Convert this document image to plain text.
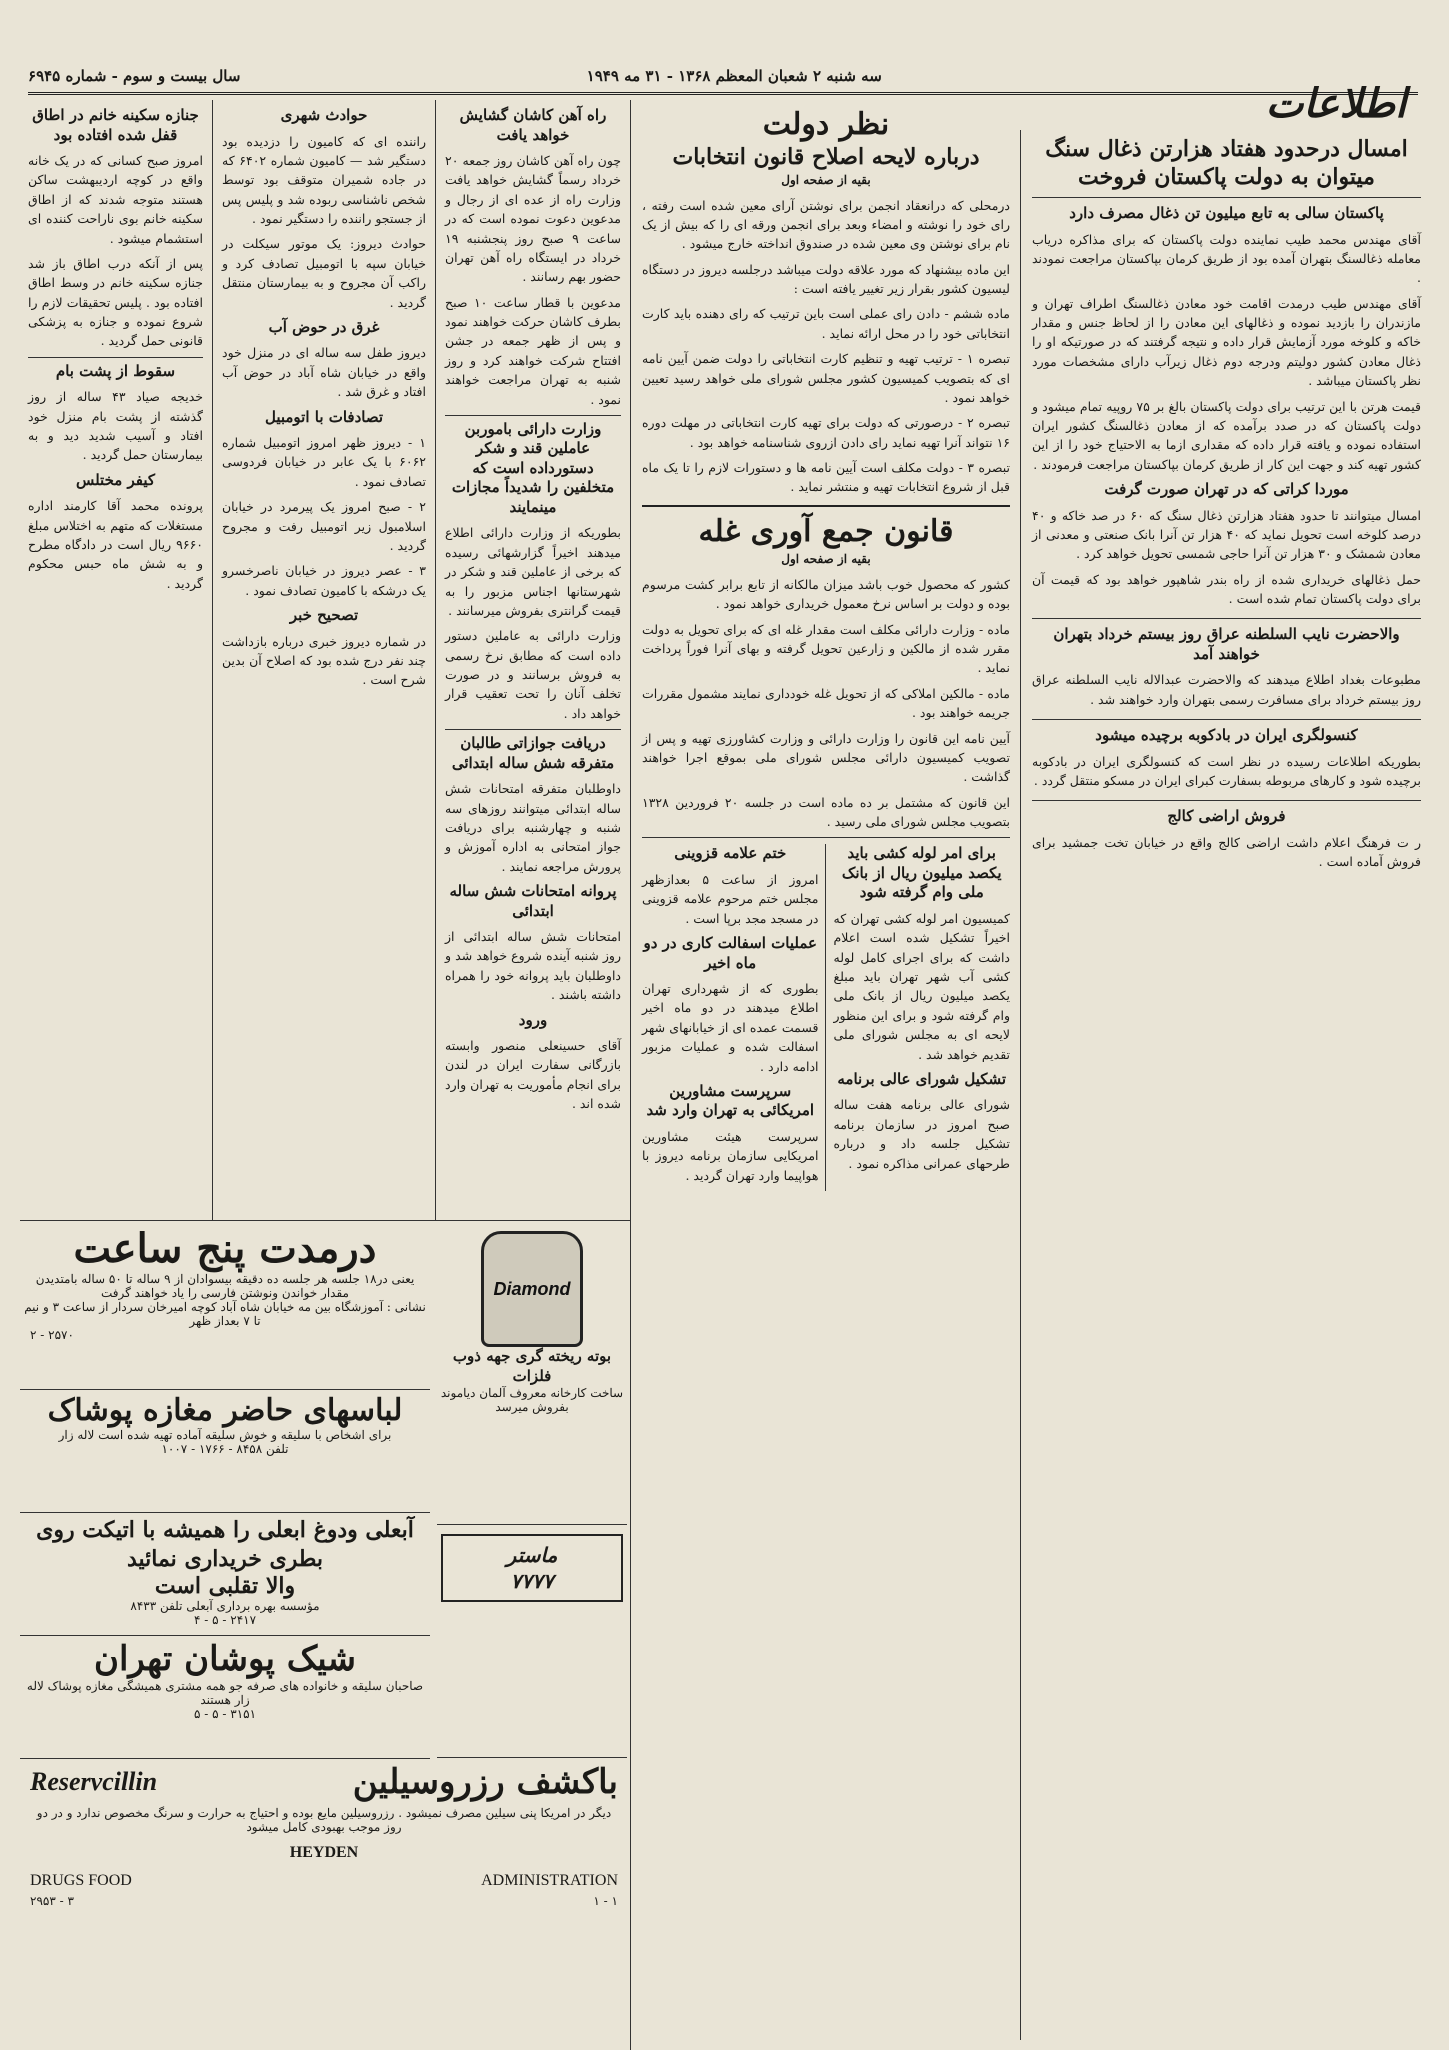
سه شنبه ۲ شعبان المعظم ۱۳۶۸ - ۳۱ مه ۱۹۴۹
سال بیست و سوم - شماره ۶۹۴۵
اطلاعات
امسال درحدود هفتاد هزارتن ذغال سنگ میتوان به دولت پاکستان فروخت
پاکستان سالی به تابع میلیون تن ذغال مصرف دارد

آقای مهندس محمد طیب نماینده دولت پاکستان که برای مذاکره دریاب معامله ذغالسنگ بتهران آمده بود از طریق کرمان بپاکستان مراجعت نمودند .

آقای مهندس طیب درمدت اقامت خود معادن ذغالسنگ اطراف تهران و مازندران را بازدید نموده و ذغالهای این معادن را از لحاظ جنس و مقدار خاکه و کلوخه مورد آزمایش قرار داده و نتیجه گرفتند که در صورتیکه او را ذغال معادن کشور دولیتم ودرجه دوم ذغال زیرآب دارای مشخصات مورد نظر پاکستان میباشد .

قیمت هرتن با این ترتیب برای دولت پاکستان بالغ بر ۷۵ روپیه تمام میشود و دولت پاکستان که در صدد برآمده که از معادن ذغالسنگ کشور ایران استفاده نموده و یافته قرار داده که مقداری ازما به الاحتیاج خود را از این کشور تهیه کند و جهت این کار از طریق کرمان بپاکستان مراجعت فرمودند .

موردا کراتی که در تهران صورت گرفت

امسال میتوانند تا حدود هفتاد هزارتن ذغال سنگ که ۶۰ در صد خاکه و ۴۰ درصد کلوخه است تحویل نماید که ۴۰ هزار تن آنرا بانک صنعتی و معدنی از معادن شمشک و ۳۰ هزار تن آنرا حاجی شمسی تحویل خواهد کرد .

حمل ذغالهای خریداری شده از راه بندر شاهپور خواهد بود که قیمت آن برای دولت پاکستان تمام شده است .

والاحضرت نایب السلطنه عراق روز بیستم خرداد بتهران خواهند آمد

مطبوعات بغداد اطلاع میدهند که والاحضرت عبدالاله نایب السلطنه عراق روز بیستم خرداد برای مسافرت رسمی بتهران وارد خواهند شد .

کنسولگری ایران در بادکوبه برچیده میشود

بطوریکه اطلاعات رسیده در نظر است که کنسولگری ایران در بادکوبه برچیده شود و کارهای مربوطه بسفارت کبرای ایران در مسکو منتقل گردد .

فروش اراضی کالج

ر ت فرهنگ اعلام داشت اراضی کالج واقع در خیابان تخت جمشید برای فروش آماده است .

نظر دولت
درباره لایحه اصلاح قانون انتخابات
بقیه از صفحه اول

درمحلی که درانعقاد انجمن برای نوشتن آرای معین شده است رفته ، رای خود را نوشته و امضاء وبعد برای انجمن ورقه ای را که بیش از یک نام برای نوشتن وی معین شده در صندوق انداخته خارج میشود .

این ماده بیشنهاد که مورد علاقه دولت میباشد درجلسه دیروز در دستگاه لیسیون کشور بقرار زیر تغییر یافته است :

ماده ششم - دادن رای عملی است باین ترتیب که رای دهنده باید کارت انتخاباتی خود را در محل ارائه نماید .

تبصره ۱ - ترتیب تهیه و تنظیم کارت انتخاباتی را دولت ضمن آیین نامه ای که بتصویب کمیسیون کشور مجلس شورای ملی خواهد رسید تعیین خواهد نمود .

تبصره ۲ - درصورتی که دولت برای تهیه کارت انتخاباتی در مهلت دوره ۱۶ نتواند آنرا تهیه نماید رای دادن ازروی شناسنامه خواهد بود .

تبصره ۳ - دولت مکلف است آیین نامه ها و دستورات لازم را تا یک ماه قبل از شروع انتخابات تهیه و منتشر نماید .

قانون جمع آوری غله
بقیه از صفحه اول

کشور که محصول خوب باشد میزان مالکانه از تابع برابر کشت مرسوم بوده و دولت بر اساس نرخ معمول خریداری خواهد نمود .

ماده - وزارت دارائی مکلف است مقدار غله ای که برای تحویل به دولت مقرر شده از مالکین و زارعین تحویل گرفته و بهای آنرا فوراً پرداخت نماید .

ماده - مالکین املاکی که از تحویل غله خودداری نمایند مشمول مقررات جریمه خواهند بود .

آیین نامه این قانون را وزارت دارائی و وزارت کشاورزی تهیه و پس از تصویب کمیسیون دارائی مجلس شورای ملی بموقع اجرا خواهند گذاشت .

این قانون که مشتمل بر ده ماده است در جلسه ۲۰ فروردین ۱۳۲۸ بتصویب مجلس شورای ملی رسید .

برای امر لوله کشی باید یکصد میلیون ریال از بانک ملی وام گرفته شود

کمیسیون امر لوله کشی تهران که اخیراً تشکیل شده است اعلام داشت که برای اجرای کامل لوله کشی آب شهر تهران باید مبلغ یکصد میلیون ریال از بانک ملی وام گرفته شود و برای این منظور لایحه ای به مجلس شورای ملی تقدیم خواهد شد .

تشکیل شورای عالی برنامه

شورای عالی برنامه هفت ساله صبح امروز در سازمان برنامه تشکیل جلسه داد و درباره طرحهای عمرانی مذاکره نمود .

ختم علامه قزوینی

امروز از ساعت ۵ بعدازظهر مجلس ختم مرحوم علامه قزوینی در مسجد مجد برپا است .

عملیات اسفالت کاری در دو ماه اخیر

بطوری که از شهرداری تهران اطلاع میدهند در دو ماه اخیر قسمت عمده ای از خیابانهای شهر اسفالت شده و عملیات مزبور ادامه دارد .

سرپرست مشاورین امریکائی به تهران وارد شد

سرپرست هیئت مشاورین امریکایی سازمان برنامه دیروز با هواپیما وارد تهران گردید .

راه آهن کاشان گشایش خواهد یافت

چون راه آهن کاشان روز جمعه ۲۰ خرداد رسماً گشایش خواهد یافت وزارت راه از عده ای از رجال و مدعوین دعوت نموده است که در ساعت ۹ صبح روز پنجشنبه ۱۹ خرداد در ایستگاه راه آهن تهران حضور بهم رسانند .

مدعوین با قطار ساعت ۱۰ صبح بطرف کاشان حرکت خواهند نمود و پس از ظهر جمعه در جشن افتتاح شرکت خواهند کرد و روز شنبه به تهران مراجعت خواهند نمود .

وزارت دارائی باموربن عاملین قند و شکر دستورداده است که متخلفین را شدیداً مجازات مینمایند

بطوریکه از وزارت دارائی اطلاع میدهند اخیراً گزارشهائی رسیده که برخی از عاملین قند و شکر در شهرستانها اجناس مزبور را به قیمت گرانتری بفروش میرسانند .

وزارت دارائی به عاملین دستور داده است که مطابق نرخ رسمی به فروش برسانند و در صورت تخلف آنان را تحت تعقیب قرار خواهد داد .

دریافت جوازاتی طالبان متفرقه شش ساله ابتدائی

داوطلبان متفرقه امتحانات شش ساله ابتدائی میتوانند روزهای سه شنبه و چهارشنبه برای دریافت جواز امتحانی به اداره آموزش و پرورش مراجعه نمایند .

پروانه امتحانات شش ساله ابتدائی

امتحانات شش ساله ابتدائی از روز شنبه آینده شروع خواهد شد و داوطلبان باید پروانه خود را همراه داشته باشند .

ورود

آقای حسینعلی منصور وابسته بازرگانی سفارت ایران در لندن برای انجام مأموریت به تهران وارد شده اند .

حوادث شهری

راننده ای که کامیون را دزدیده بود دستگیر شد — کامیون شماره ۶۴۰۲ که در جاده شمیران متوقف بود توسط شخص ناشناسی ربوده شد و پلیس پس از جستجو راننده را دستگیر نمود .

حوادث دیروز: یک موتور سیکلت در خیابان سپه با اتومبیل تصادف کرد و راکب آن مجروح و به بیمارستان منتقل گردید .

غرق در حوض آب

دیروز طفل سه ساله ای در منزل خود واقع در خیابان شاه آباد در حوض آب افتاد و غرق شد .

تصادفات با اتومبیل

۱ - دیروز ظهر امروز اتومبیل شماره ۶۰۶۲ با یک عابر در خیابان فردوسی تصادف نمود .

۲ - صبح امروز یک پیرمرد در خیابان اسلامبول زیر اتومبیل رفت و مجروح گردید .

۳ - عصر دیروز در خیابان ناصرخسرو یک درشکه با کامیون تصادف نمود .

تصحیح خبر

در شماره دیروز خبری درباره بازداشت چند نفر درج شده بود که اصلاح آن بدین شرح است .

جنازه سکینه خانم در اطاق قفل شده افتاده بود

امروز صبح کسانی که در یک خانه واقع در کوچه اردیبهشت ساکن هستند متوجه شدند که از اطاق سکینه خانم بوی ناراحت کننده ای استشمام میشود .

پس از آنکه درب اطاق باز شد جنازه سکینه خانم در وسط اطاق افتاده بود . پلیس تحقیقات لازم را شروع نموده و جنازه به پزشکی قانونی حمل گردید .

سقوط از پشت بام

خدیجه صیاد ۴۳ ساله از روز گذشته از پشت بام منزل خود افتاد و آسیب شدید دید و به بیمارستان حمل گردید .

کیفر مختلس

پرونده محمد آقا کارمند اداره مستغلات که متهم به اختلاس مبلغ ۹۶۶۰ ریال است در دادگاه مطرح و به شش ماه حبس محکوم گردید .

درمدت پنج ساعت
یعنی در۱۸ جلسه هر جلسه ده دقیقه بیسوادان از ۹ ساله تا ۵۰ ساله بامتدیدن مقدار خواندن ونوشتن فارسی را یاد خواهند گرفت
نشانی : آموزشگاه بین مه خیابان شاه آباد کوچه امیرخان سردار از ساعت ۳ و نیم تا ۷ بعداز ظهر
۲۵۷۰ - ۲
لباسهای حاضر مغازه پوشاک
برای اشخاص با سلیقه و خوش سلیقه آماده تهیه شده است لاله زار
تلفن ۸۴۵۸ - ۱۷۶۶ - ۱۰۰۷
آبعلی ودوغ ابعلی را همیشه با اتیکت روی بطری خریداری نمائید
والا تقلبی است
مؤسسه بهره برداری آبعلی تلفن ۸۴۳۳
۲۴۱۷ - ۵ - ۴
شیک پوشان تهران
صاحبان سلیقه و خانواده های صرفه جو همه مشتری همیشگی مغازه پوشاک لاله زار هستند
۳۱۵۱ - ۵ - ۵
Diamond
بوته ریخته گری جهه ذوب فلزات
ساخت کارخانه معروف آلمان دیاموند بفروش میرسد
ماستر
۷۷۷۷
Reservcillin	باکشف رزروسیلین
دیگر در امریکا پنی سیلین مصرف نمیشود . رزروسیلین مایع بوده و احتیاج به حرارت و سرنگ مخصوص ندارد و در دو روز موجب بهبودی کامل میشود
HEYDEN
DRUGS FOOD	ADMINISTRATION
۲۹۵۳ - ۳	۱ - ۱
